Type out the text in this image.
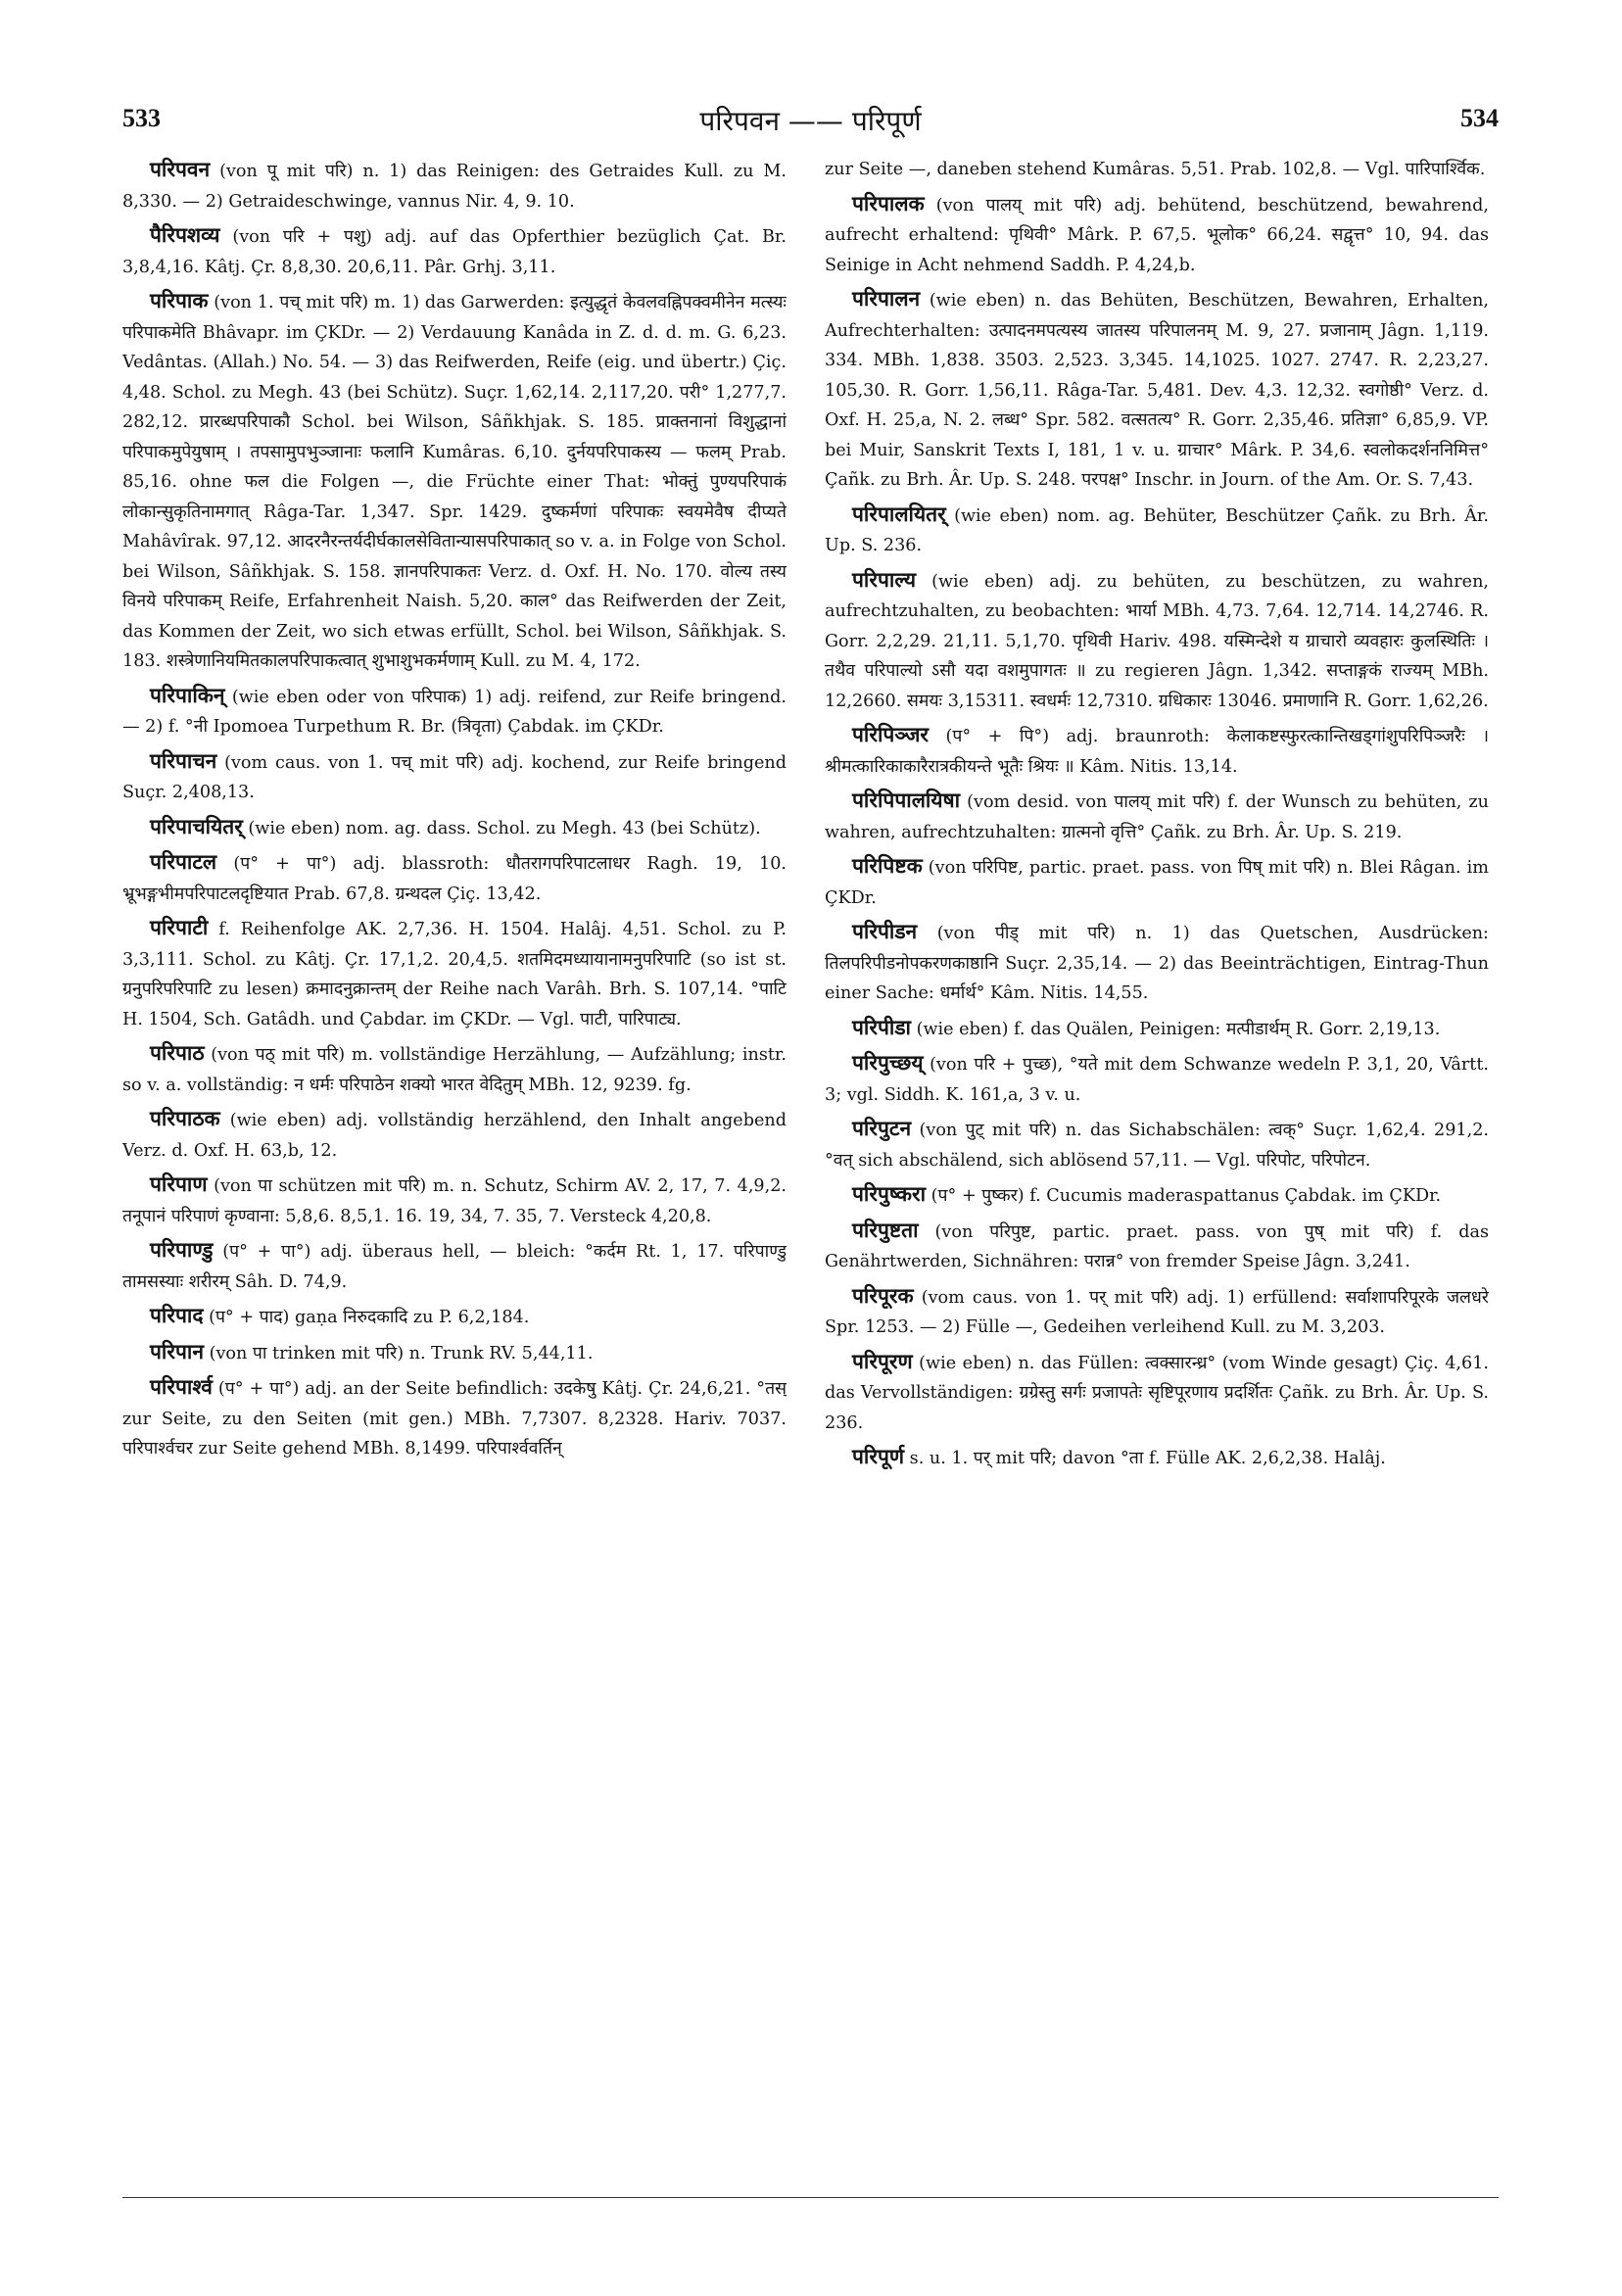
533	परिपवन —— परिपूर्ण	534

परिपवन (von पू mit परि) n. 1) das Reinigen: des Getraides Kull. zu M. 8,330. — 2) Getraideschwinge, vannus Nir. 4, 9. 10.

पैरिपशव्य (von परि + पशु) adj. auf das Opferthier bezüglich Çat. Br. 3,8,4,16. Kâtj. Çr. 8,8,30. 20,6,11. Pâr. Grhj. 3,11.

परिपाक (von 1. पच् mit परि) m. 1) das Garwerden: इत्युद्धृतं केवलवह्निपक्वमीनेन मत्स्यः परिपाकमेति Bhâvapr. im ÇKDr. — 2) Verdauung Kanâda in Z. d. d. m. G. 6,23. Vedântas. (Allah.) No. 54. — 3) das Reifwerden, Reife (eig. und übertr.) Çiç. 4,48. Schol. zu Megh. 43 (bei Schütz). Suçr. 1,62,14. 2,117,20. परी° 1,277,7. 282,12. प्रारब्धपरिपाकौ Schol. bei Wilson, Sâñkhjak. S. 185. प्राक्तनानां विशुद्धानां परिपाकमुपेयुषाम् । तपसामुपभुञ्जानाः फलानि Kumâras. 6,10. दुर्नयपरिपाकस्य — फलम् Prab. 85,16. ohne फल die Folgen —, die Früchte einer That: भोक्तुं पुण्यपरिपाकं लोकान्सुकृतिनामगात् Râga-Tar. 1,347. Spr. 1429. दुष्कर्मणां परिपाकः स्वयमेवैष दीप्यते Mahâvîrak. 97,12. आदरनैरन्तर्यदीर्घकालसेवितान्यासपरिपाकात् so v. a. in Folge von Schol. bei Wilson, Sâñkhjak. S. 158. ज्ञानपरिपाकतः Verz. d. Oxf. H. No. 170. वोल्य तस्य विनये परिपाकम् Reife, Erfahrenheit Naish. 5,20. काल° das Reifwerden der Zeit, das Kommen der Zeit, wo sich etwas erfüllt, Schol. bei Wilson, Sâñkhjak. S. 183. शस्त्रेणानियमितकालपरिपाकत्वात् शुभाशुभकर्मणाम् Kull. zu M. 4, 172.

परिपाकिन् (wie eben oder von परिपाक) 1) adj. reifend, zur Reife bringend. — 2) f. °नी Ipomoea Turpethum R. Br. (त्रिवृता) Çabdak. im ÇKDr.

परिपाचन (vom caus. von 1. पच् mit परि) adj. kochend, zur Reife bringend Suçr. 2,408,13.

परिपाचयितर् (wie eben) nom. ag. dass. Schol. zu Megh. 43 (bei Schütz).

परिपाटल (प° + पा°) adj. blassroth: धौतरागपरिपाटलाधर Ragh. 19, 10. भ्रूभङ्गभीमपरिपाटलदृष्टियात Prab. 67,8. ग्रन्थदल Çiç. 13,42.

परिपाटी f. Reihenfolge AK. 2,7,36. H. 1504. Halâj. 4,51. Schol. zu P. 3,3,111. Schol. zu Kâtj. Çr. 17,1,2. 20,4,5. शतमिदमध्यायानामनुपरिपाटि (so ist st. ग्रनुपरिपरिपाटि zu lesen) क्रमादनुक्रान्तम् der Reihe nach Varâh. Brh. S. 107,14. °पाटि H. 1504, Sch. Gatâdh. und Çabdar. im ÇKDr. — Vgl. पाटी, पारिपाट्य.

परिपाठ (von पठ् mit परि) m. vollständige Herzählung, — Aufzählung; instr. so v. a. vollständig: न धर्मः परिपाठेन शक्यो भारत वेदितुम् MBh. 12, 9239. fg.

परिपाठक (wie eben) adj. vollständig herzählend, den Inhalt angebend Verz. d. Oxf. H. 63,b, 12.

परिपाण (von पा schützen mit परि) m. n. Schutz, Schirm AV. 2, 17, 7. 4,9,2. तनूपानं परिपाणं कृण्वाना: 5,8,6. 8,5,1. 16. 19, 34, 7. 35, 7. Versteck 4,20,8.

परिपाण्डु (प° + पा°) adj. überaus hell, — bleich: °कर्दम Rt. 1, 17. परिपाण्डु तामसस्याः शरीरम् Sâh. D. 74,9.

परिपाद (प° + पाद) gaṇa निरुदकादि zu P. 6,2,184.

परिपान (von पा trinken mit परि) n. Trunk RV. 5,44,11.

परिपार्श्व (प° + पा°) adj. an der Seite befindlich: उदकेषु Kâtj. Çr. 24,6,21. °तस् zur Seite, zu den Seiten (mit gen.) MBh. 7,7307. 8,2328. Hariv. 7037. परिपार्श्वचर zur Seite gehend MBh. 8,1499. परिपार्श्ववर्तिन्

zur Seite —, daneben stehend Kumâras. 5,51. Prab. 102,8. — Vgl. पारिपार्श्विक.

परिपालक (von पालय् mit परि) adj. behütend, beschützend, bewahrend, aufrecht erhaltend: पृथिवी° Mârk. P. 67,5. भूलोक° 66,24. सद्वृत्त° 10, 94. das Seinige in Acht nehmend Saddh. P. 4,24,b.

परिपालन (wie eben) n. das Behüten, Beschützen, Bewahren, Erhalten, Aufrechterhalten: उत्पादनमपत्यस्य जातस्य परिपालनम् M. 9, 27. प्रजानाम् Jâgn. 1,119. 334. MBh. 1,838. 3503. 2,523. 3,345. 14,1025. 1027. 2747. R. 2,23,27. 105,30. R. Gorr. 1,56,11. Râga-Tar. 5,481. Dev. 4,3. 12,32. स्वगोष्ठी° Verz. d. Oxf. H. 25,a, N. 2. लब्ध° Spr. 582. वत्सतत्य° R. Gorr. 2,35,46. प्रतिज्ञा° 6,85,9. VP. bei Muir, Sanskrit Texts I, 181, 1 v. u. ग्राचार° Mârk. P. 34,6. स्वलोकदर्शननिमित्त° Çañk. zu Brh. Âr. Up. S. 248. परपक्ष° Inschr. in Journ. of the Am. Or. S. 7,43.

परिपालयितर् (wie eben) nom. ag. Behüter, Beschützer Çañk. zu Brh. Âr. Up. S. 236.

परिपाल्य (wie eben) adj. zu behüten, zu beschützen, zu wahren, aufrechtzuhalten, zu beobachten: भार्या MBh. 4,73. 7,64. 12,714. 14,2746. R. Gorr. 2,2,29. 21,11. 5,1,70. पृथिवी Hariv. 498. यस्मिन्देशे य ग्राचारो व्यवहारः कुलस्थितिः । तथैव परिपाल्यो ऽसौ यदा वशमुपागतः ॥ zu regieren Jâgn. 1,342. सप्ताङ्गकं राज्यम् MBh. 12,2660. समयः 3,15311. स्वधर्मः 12,7310. ग्रधिकारः 13046. प्रमाणानि R. Gorr. 1,62,26.

परिपिञ्जर (प° + पि°) adj. braunroth: केलाकष्टस्फुरत्कान्तिखड्गांशुपरिपिञ्जरैः । श्रीमत्कारिकाकारैरात्रकीयन्ते भूतैः श्रियः ॥ Kâm. Nitis. 13,14.

परिपिपालयिषा (vom desid. von पालय् mit परि) f. der Wunsch zu behüten, zu wahren, aufrechtzuhalten: ग्रात्मनो वृत्ति° Çañk. zu Brh. Âr. Up. S. 219.

परिपिष्टक (von परिपिष्ट, partic. praet. pass. von पिष् mit परि) n. Blei Râgan. im ÇKDr.

परिपीडन (von पीड् mit परि) n. 1) das Quetschen, Ausdrücken: तिलपरिपीडनोपकरणकाष्ठानि Suçr. 2,35,14. — 2) das Beeinträchtigen, Eintrag-Thun einer Sache: धर्मार्थ° Kâm. Nitis. 14,55.

परिपीडा (wie eben) f. das Quälen, Peinigen: मत्पीडार्थम् R. Gorr. 2,19,13.

परिपुच्छय् (von परि + पुच्छ), °यते mit dem Schwanze wedeln P. 3,1, 20, Vârtt. 3; vgl. Siddh. K. 161,a, 3 v. u.

परिपुटन (von पुट् mit परि) n. das Sichabschälen: त्वक्° Suçr. 1,62,4. 291,2. °वत् sich abschälend, sich ablösend 57,11. — Vgl. परिपोट, परिपोटन.

परिपुष्करा (प° + पुष्कर) f. Cucumis maderaspattanus Çabdak. im ÇKDr.

परिपुष्टता (von परिपुष्ट, partic. praet. pass. von पुष् mit परि) f. das Genährtwerden, Sichnähren: परान्न° von fremder Speise Jâgn. 3,241.

परिपूरक (vom caus. von 1. पर् mit परि) adj. 1) erfüllend: सर्वाशापरिपूरके जलधरे Spr. 1253. — 2) Fülle —, Gedeihen verleihend Kull. zu M. 3,203.

परिपूरण (wie eben) n. das Füllen: त्वक्सारन्ध्र° (vom Winde gesagt) Çiç. 4,61. das Vervollständigen: ग्रग्रेस्तु सर्गः प्रजापतेः सृष्टिपूरणाय प्रदर्शितः Çañk. zu Brh. Âr. Up. S. 236.

परिपूर्ण s. u. 1. पर् mit परि; davon °ता f. Fülle AK. 2,6,2,38. Halâj.
